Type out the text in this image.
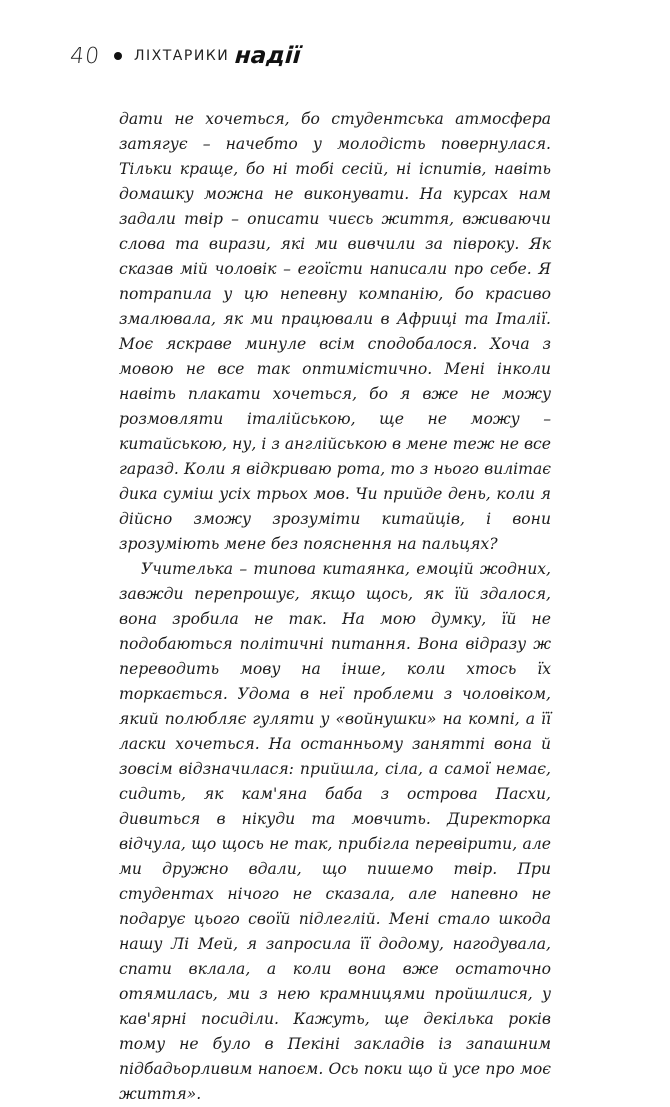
40 ЛІХТАРИКИ надії

дати не хочеться, бо студентська атмосфера затягує – начебто у молодість повернулася. Тільки краще, бо ні тобі сесій, ні іспитів, навіть домашку можна не виконувати. На курсах нам задали твір – описати чиєсь життя, вживаючи слова та вирази, які ми вивчили за півроку. Як сказав мій чоловік – егоїсти написали про себе. Я потрапила у цю непевну компанію, бо красиво змалювала, як ми працювали в Африці та Італії. Моє яскраве минуле всім сподобалося. Хоча з мовою не все так оптимістично. Мені інколи навіть плакати хочеться, бо я вже не можу розмовляти італійською, ще не можу – китайською, ну, і з англійською в мене теж не все гаразд. Коли я відкриваю рота, то з нього вилітає дика суміш усіх трьох мов. Чи прийде день, коли я дійсно зможу зрозуміти китайців, і вони зрозуміють мене без пояснення на пальцях?

Учителька – типова китаянка, емоцій жодних, завжди перепрошує, якщо щось, як їй здалося, вона зробила не так. На мою думку, їй не подобаються політичні питання. Вона відразу ж переводить мову на інше, коли хтось їх торкається. Удома в неї проблеми з чоловіком, який полюбляє гуляти у «войнушки» на компі, а її ласки хочеться. На останньому занятті вона й зовсім відзначилася: прийшла, сіла, а самої немає, сидить, як кам'яна баба з острова Пасхи, дивиться в нікуди та мовчить. Директорка відчула, що щось не так, прибігла перевірити, але ми дружно вдали, що пишемо твір. При студентах нічого не сказала, але напевно не подарує цього своїй підлеглій. Мені стало шкода нашу Лі Мей, я запросила її додому, нагодувала, спати вклала, а коли вона вже остаточно отямилась, ми з нею крамницями пройшлися, у кав'ярні посиділи. Кажуть, ще декілька років тому не було в Пекіні закладів із запашним підбадьорливим напоєм. Ось поки що й усе про моє життя».
